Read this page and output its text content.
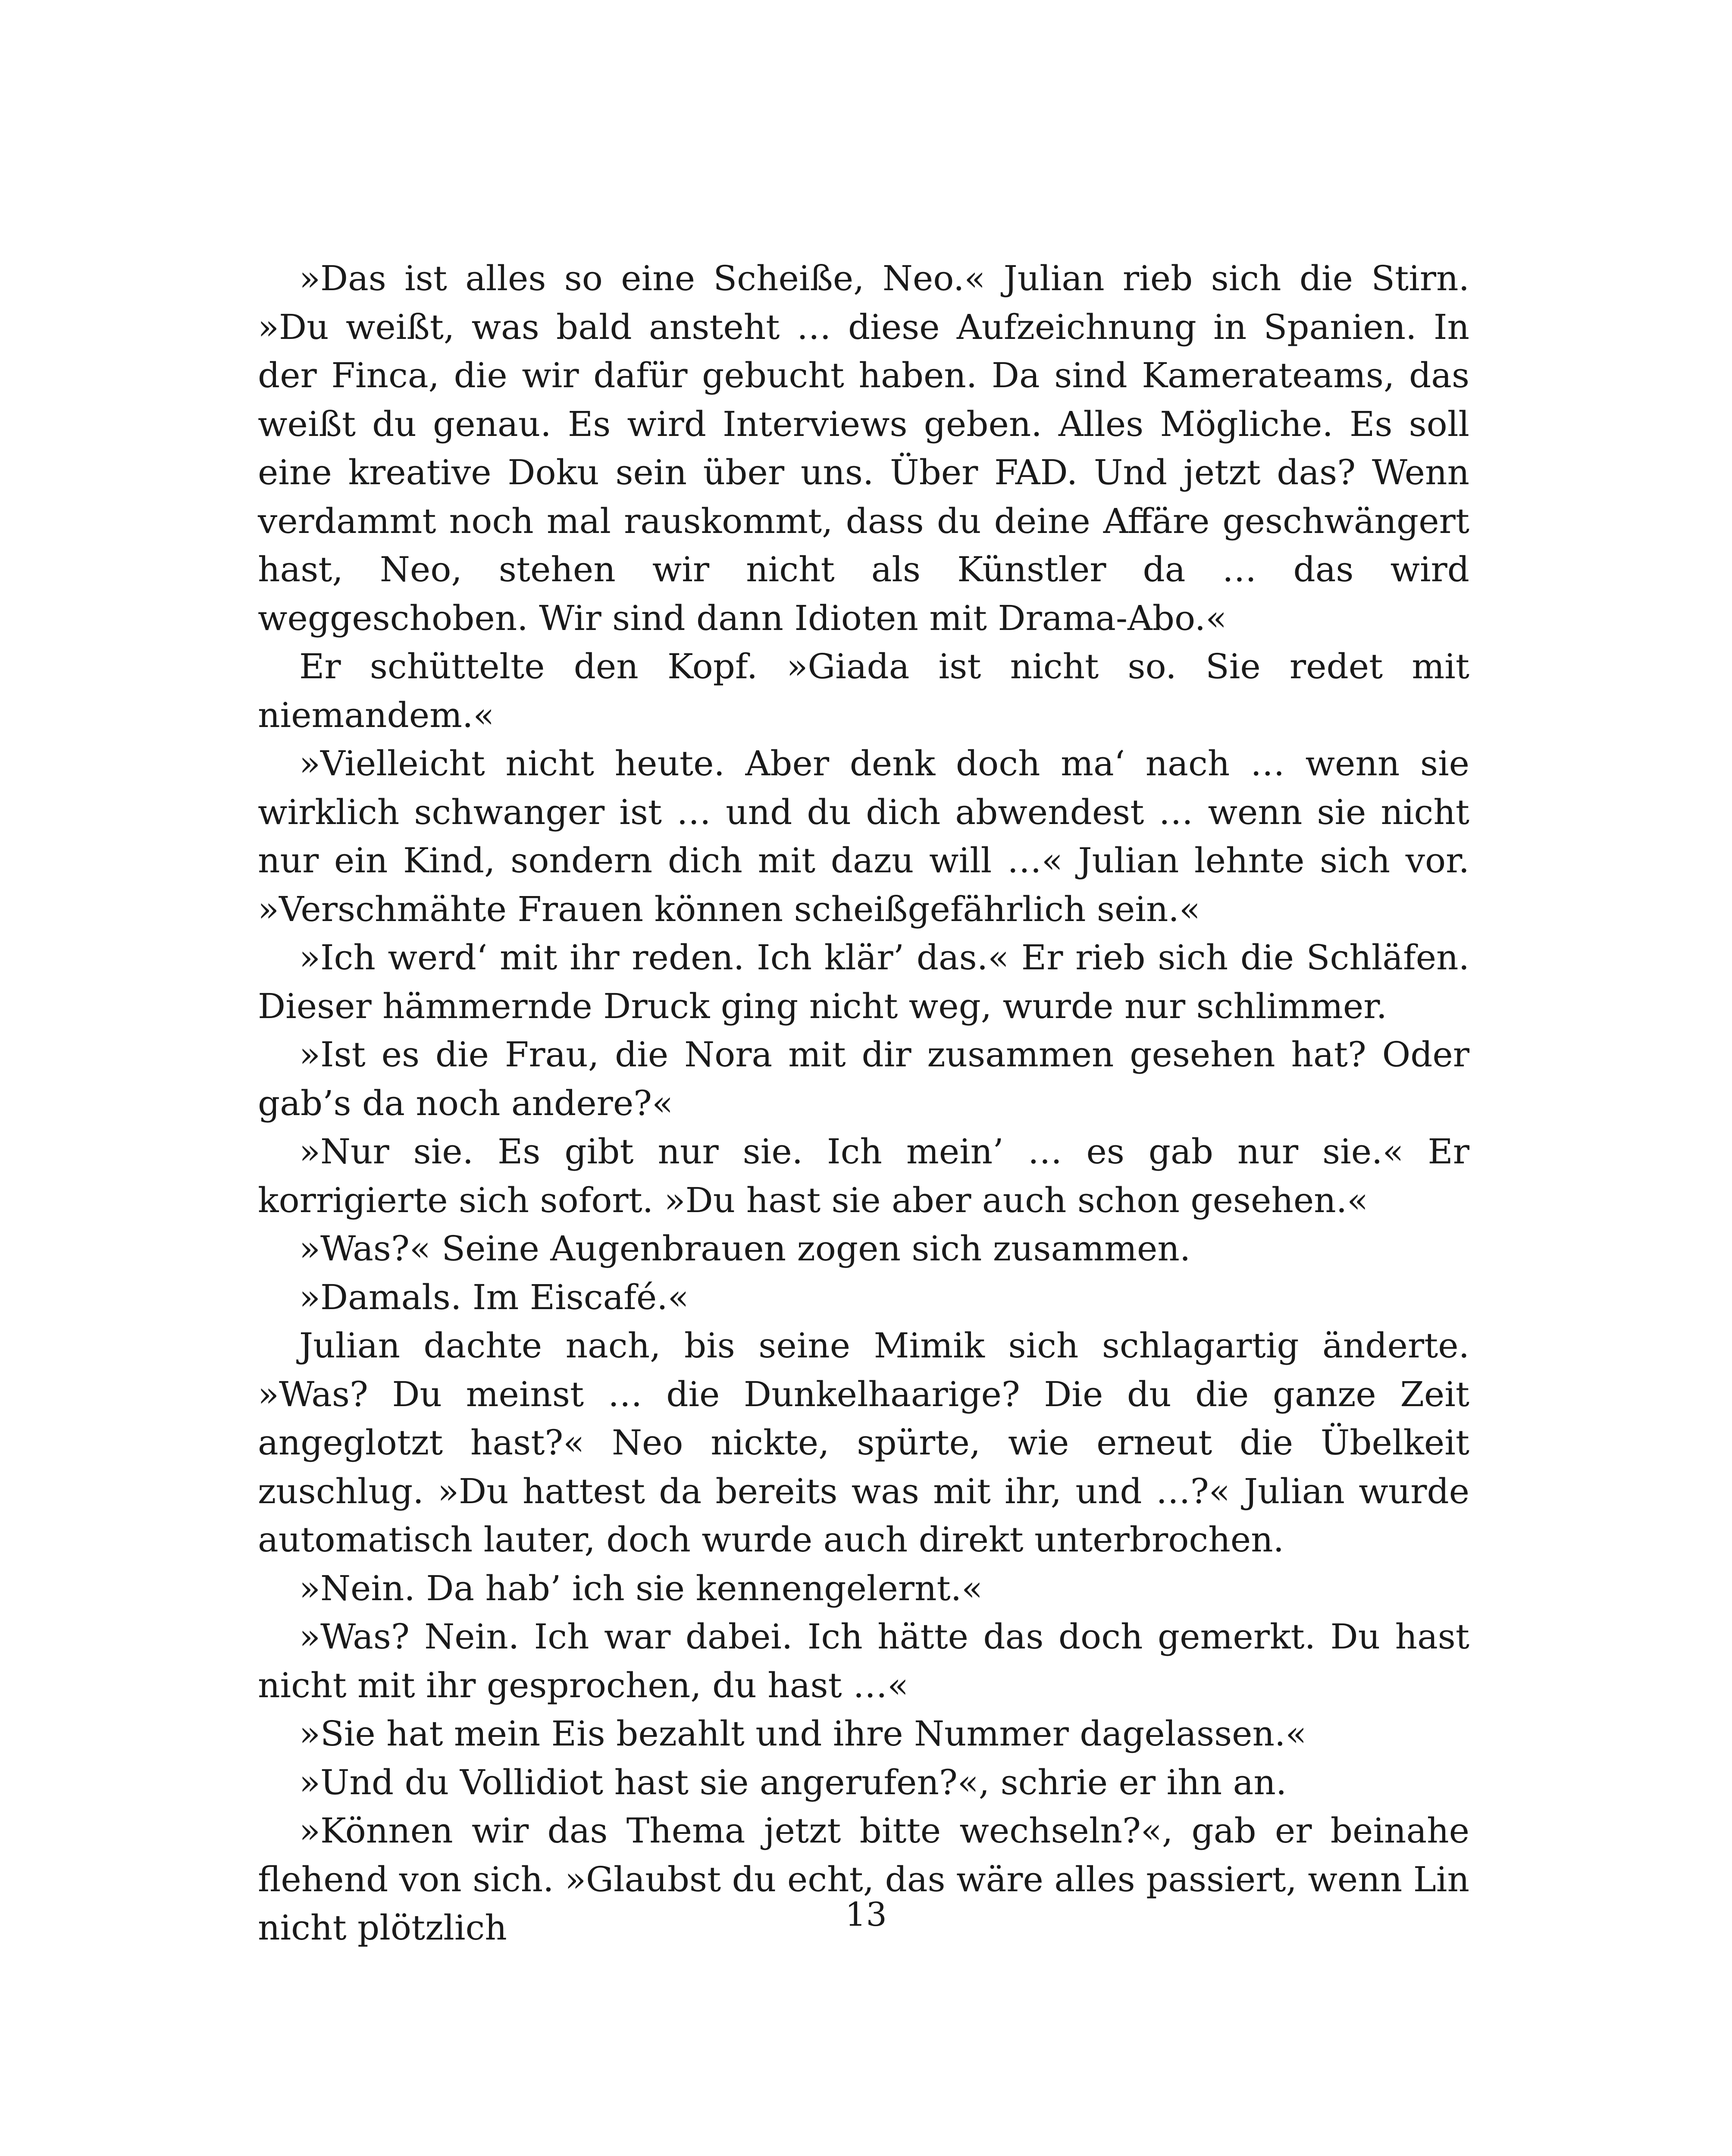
»Das ist alles so eine Scheiße, Neo.« Julian rieb sich die Stirn. »Du weißt, was bald ansteht … diese Aufzeichnung in Spanien. In der Finca, die wir dafür gebucht haben. Da sind Kamerateams, das weißt du genau. Es wird Interviews geben. Alles Mögliche. Es soll eine kreative Doku sein über uns. Über FAD. Und jetzt das? Wenn verdammt noch mal rauskommt, dass du deine Affäre geschwängert hast, Neo, stehen wir nicht als Künstler da … das wird weggeschoben. Wir sind dann Idioten mit Drama-Abo.«

Er schüttelte den Kopf. »Giada ist nicht so. Sie redet mit niemandem.«

»Vielleicht nicht heute. Aber denk doch ma‘ nach … wenn sie wirklich schwanger ist … und du dich abwendest … wenn sie nicht nur ein Kind, sondern dich mit dazu will …« Julian lehnte sich vor. »Verschmähte Frauen können scheißgefährlich sein.«

»Ich werd‘ mit ihr reden. Ich klär’ das.« Er rieb sich die Schläfen. Dieser hämmernde Druck ging nicht weg, wurde nur schlimmer.

»Ist es die Frau, die Nora mit dir zusammen gesehen hat? Oder gab’s da noch andere?«

»Nur sie. Es gibt nur sie. Ich mein’ … es gab nur sie.« Er korrigierte sich sofort. »Du hast sie aber auch schon gesehen.«

»Was?« Seine Augenbrauen zogen sich zusammen.

»Damals. Im Eiscafé.«

Julian dachte nach, bis seine Mimik sich schlagartig änderte. »Was? Du meinst … die Dunkelhaarige? Die du die ganze Zeit angeglotzt hast?« Neo nickte, spürte, wie erneut die Übelkeit zuschlug. »Du hattest da bereits was mit ihr, und …?« Julian wurde automatisch lauter, doch wurde auch direkt unterbrochen.

»Nein. Da hab’ ich sie kennengelernt.«

»Was? Nein. Ich war dabei. Ich hätte das doch gemerkt. Du hast nicht mit ihr gesprochen, du hast …«

»Sie hat mein Eis bezahlt und ihre Nummer dagelassen.«

»Und du Vollidiot hast sie angerufen?«, schrie er ihn an.

»Können wir das Thema jetzt bitte wechseln?«, gab er beinahe flehend von sich. »Glaubst du echt, das wäre alles passiert, wenn Lin nicht plötzlich	13
